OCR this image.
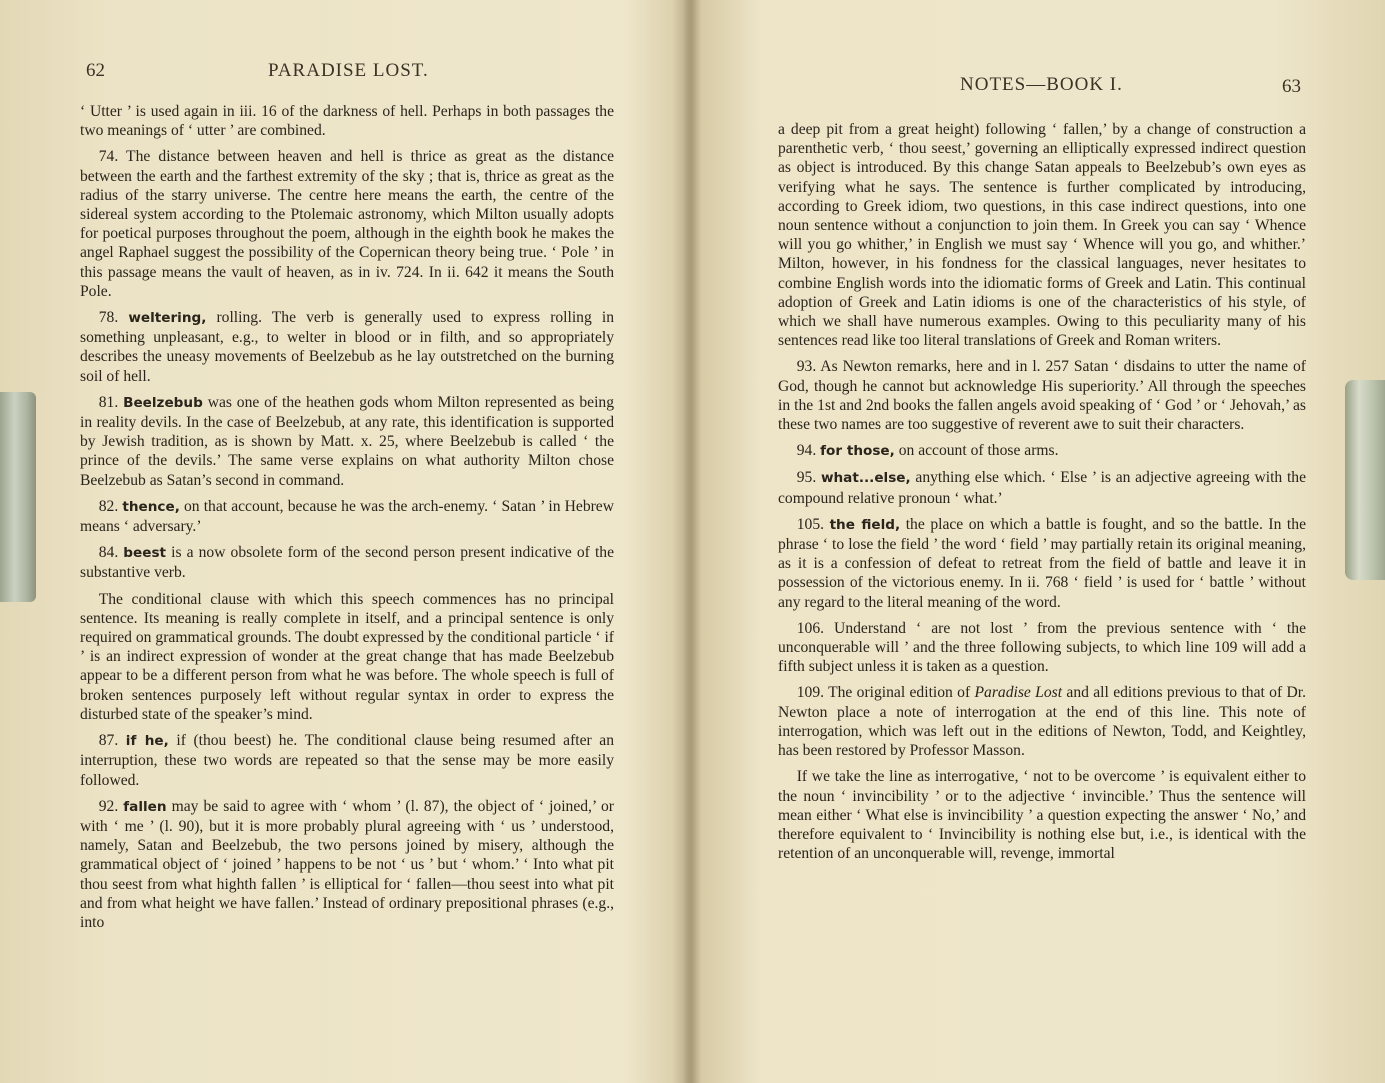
62	PARADISE LOST.

‘ Utter ’ is used again in iii. 16 of the darkness of hell. Perhaps in both passages the two meanings of ‘ utter ’ are combined.

74. The distance between heaven and hell is thrice as great as the distance between the earth and the farthest extremity of the sky ; that is, thrice as great as the radius of the starry universe. The centre here means the earth, the centre of the sidereal system according to the Ptolemaic astronomy, which Milton usually adopts for poetical purposes throughout the poem, although in the eighth book he makes the angel Raphael suggest the possibility of the Copernican theory being true. ‘ Pole ’ in this passage means the vault of heaven, as in iv. 724. In ii. 642 it means the South Pole.

78. weltering, rolling. The verb is generally used to express rolling in something unpleasant, e.g., to welter in blood or in filth, and so appropriately describes the uneasy movements of Beelzebub as he lay outstretched on the burning soil of hell.

81. Beelzebub was one of the heathen gods whom Milton represented as being in reality devils. In the case of Beelzebub, at any rate, this identification is supported by Jewish tradition, as is shown by Matt. x. 25, where Beelzebub is called ‘ the prince of the devils.’ The same verse explains on what authority Milton chose Beelzebub as Satan’s second in command.

82. thence, on that account, because he was the arch-enemy. ‘ Satan ’ in Hebrew means ‘ adversary.’

84. beest is a now obsolete form of the second person present indicative of the substantive verb.

The conditional clause with which this speech commences has no principal sentence. Its meaning is really complete in itself, and a principal sentence is only required on grammatical grounds. The doubt expressed by the conditional particle ‘ if ’ is an indirect expression of wonder at the great change that has made Beelzebub appear to be a different person from what he was before. The whole speech is full of broken sentences purposely left without regular syntax in order to express the disturbed state of the speaker’s mind.

87. if he, if (thou beest) he. The conditional clause being resumed after an interruption, these two words are repeated so that the sense may be more easily followed.

92. fallen may be said to agree with ‘ whom ’ (l. 87), the object of ‘ joined,’ or with ‘ me ’ (l. 90), but it is more probably plural agreeing with ‘ us ’ understood, namely, Satan and Beelzebub, the two persons joined by misery, although the grammatical object of ‘ joined ’ happens to be not ‘ us ’ but ‘ whom.’ ‘ Into what pit thou seest from what highth fallen ’ is elliptical for ‘ fallen—thou seest into what pit and from what height we have fallen.’ Instead of ordinary prepositional phrases (e.g., into

NOTES—BOOK I.	63

a deep pit from a great height) following ‘ fallen,’ by a change of construction a parenthetic verb, ‘ thou seest,’ governing an elliptically expressed indirect question as object is introduced. By this change Satan appeals to Beelzebub’s own eyes as verifying what he says. The sentence is further complicated by introducing, according to Greek idiom, two questions, in this case indirect questions, into one noun sentence without a conjunction to join them. In Greek you can say ‘ Whence will you go whither,’ in English we must say ‘ Whence will you go, and whither.’ Milton, however, in his fondness for the classical languages, never hesitates to combine English words into the idiomatic forms of Greek and Latin. This continual adoption of Greek and Latin idioms is one of the characteristics of his style, of which we shall have numerous examples. Owing to this peculiarity many of his sentences read like too literal translations of Greek and Roman writers.

93. As Newton remarks, here and in l. 257 Satan ‘ disdains to utter the name of God, though he cannot but acknowledge His superiority.’ All through the speeches in the 1st and 2nd books the fallen angels avoid speaking of ‘ God ’ or ‘ Jehovah,’ as these two names are too suggestive of reverent awe to suit their characters.

94. for those, on account of those arms.

95. what...else, anything else which. ‘ Else ’ is an adjective agreeing with the compound relative pronoun ‘ what.’

105. the field, the place on which a battle is fought, and so the battle. In the phrase ‘ to lose the field ’ the word ‘ field ’ may partially retain its original meaning, as it is a confession of defeat to retreat from the field of battle and leave it in possession of the victorious enemy. In ii. 768 ‘ field ’ is used for ‘ battle ’ without any regard to the literal meaning of the word.

106. Understand ‘ are not lost ’ from the previous sentence with ‘ the unconquerable will ’ and the three following subjects, to which line 109 will add a fifth subject unless it is taken as a question.

109. The original edition of Paradise Lost and all editions previous to that of Dr. Newton place a note of interrogation at the end of this line. This note of interrogation, which was left out in the editions of Newton, Todd, and Keightley, has been restored by Professor Masson.

If we take the line as interrogative, ‘ not to be overcome ’ is equivalent either to the noun ‘ invincibility ’ or to the adjective ‘ invincible.’ Thus the sentence will mean either ‘ What else is invincibility ’ a question expecting the answer ‘ No,’ and therefore equivalent to ‘ Invincibility is nothing else but, i.e., is identical with the retention of an unconquerable will, revenge, immortal
